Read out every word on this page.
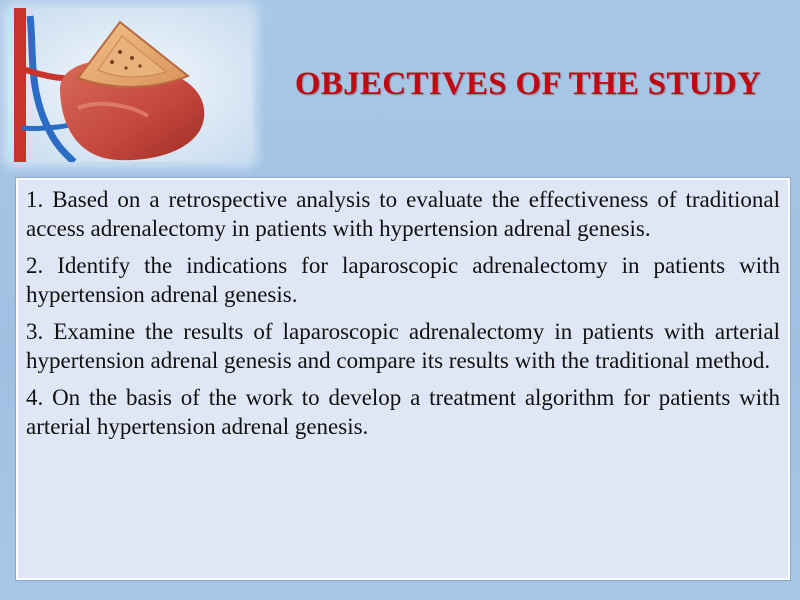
OBJECTIVES OF THE STUDY

1. Based on a retrospective analysis to evaluate the effectiveness of traditional access adrenalectomy in patients with hypertension adrenal genesis.

2. Identify the indications for laparoscopic adrenalectomy in patients with hypertension adrenal genesis.

3. Examine the results of laparoscopic adrenalectomy in patients with arterial hypertension adrenal genesis and compare its results with the traditional method.

4. On the basis of the work to develop a treatment algorithm for patients with arterial hypertension adrenal genesis.
